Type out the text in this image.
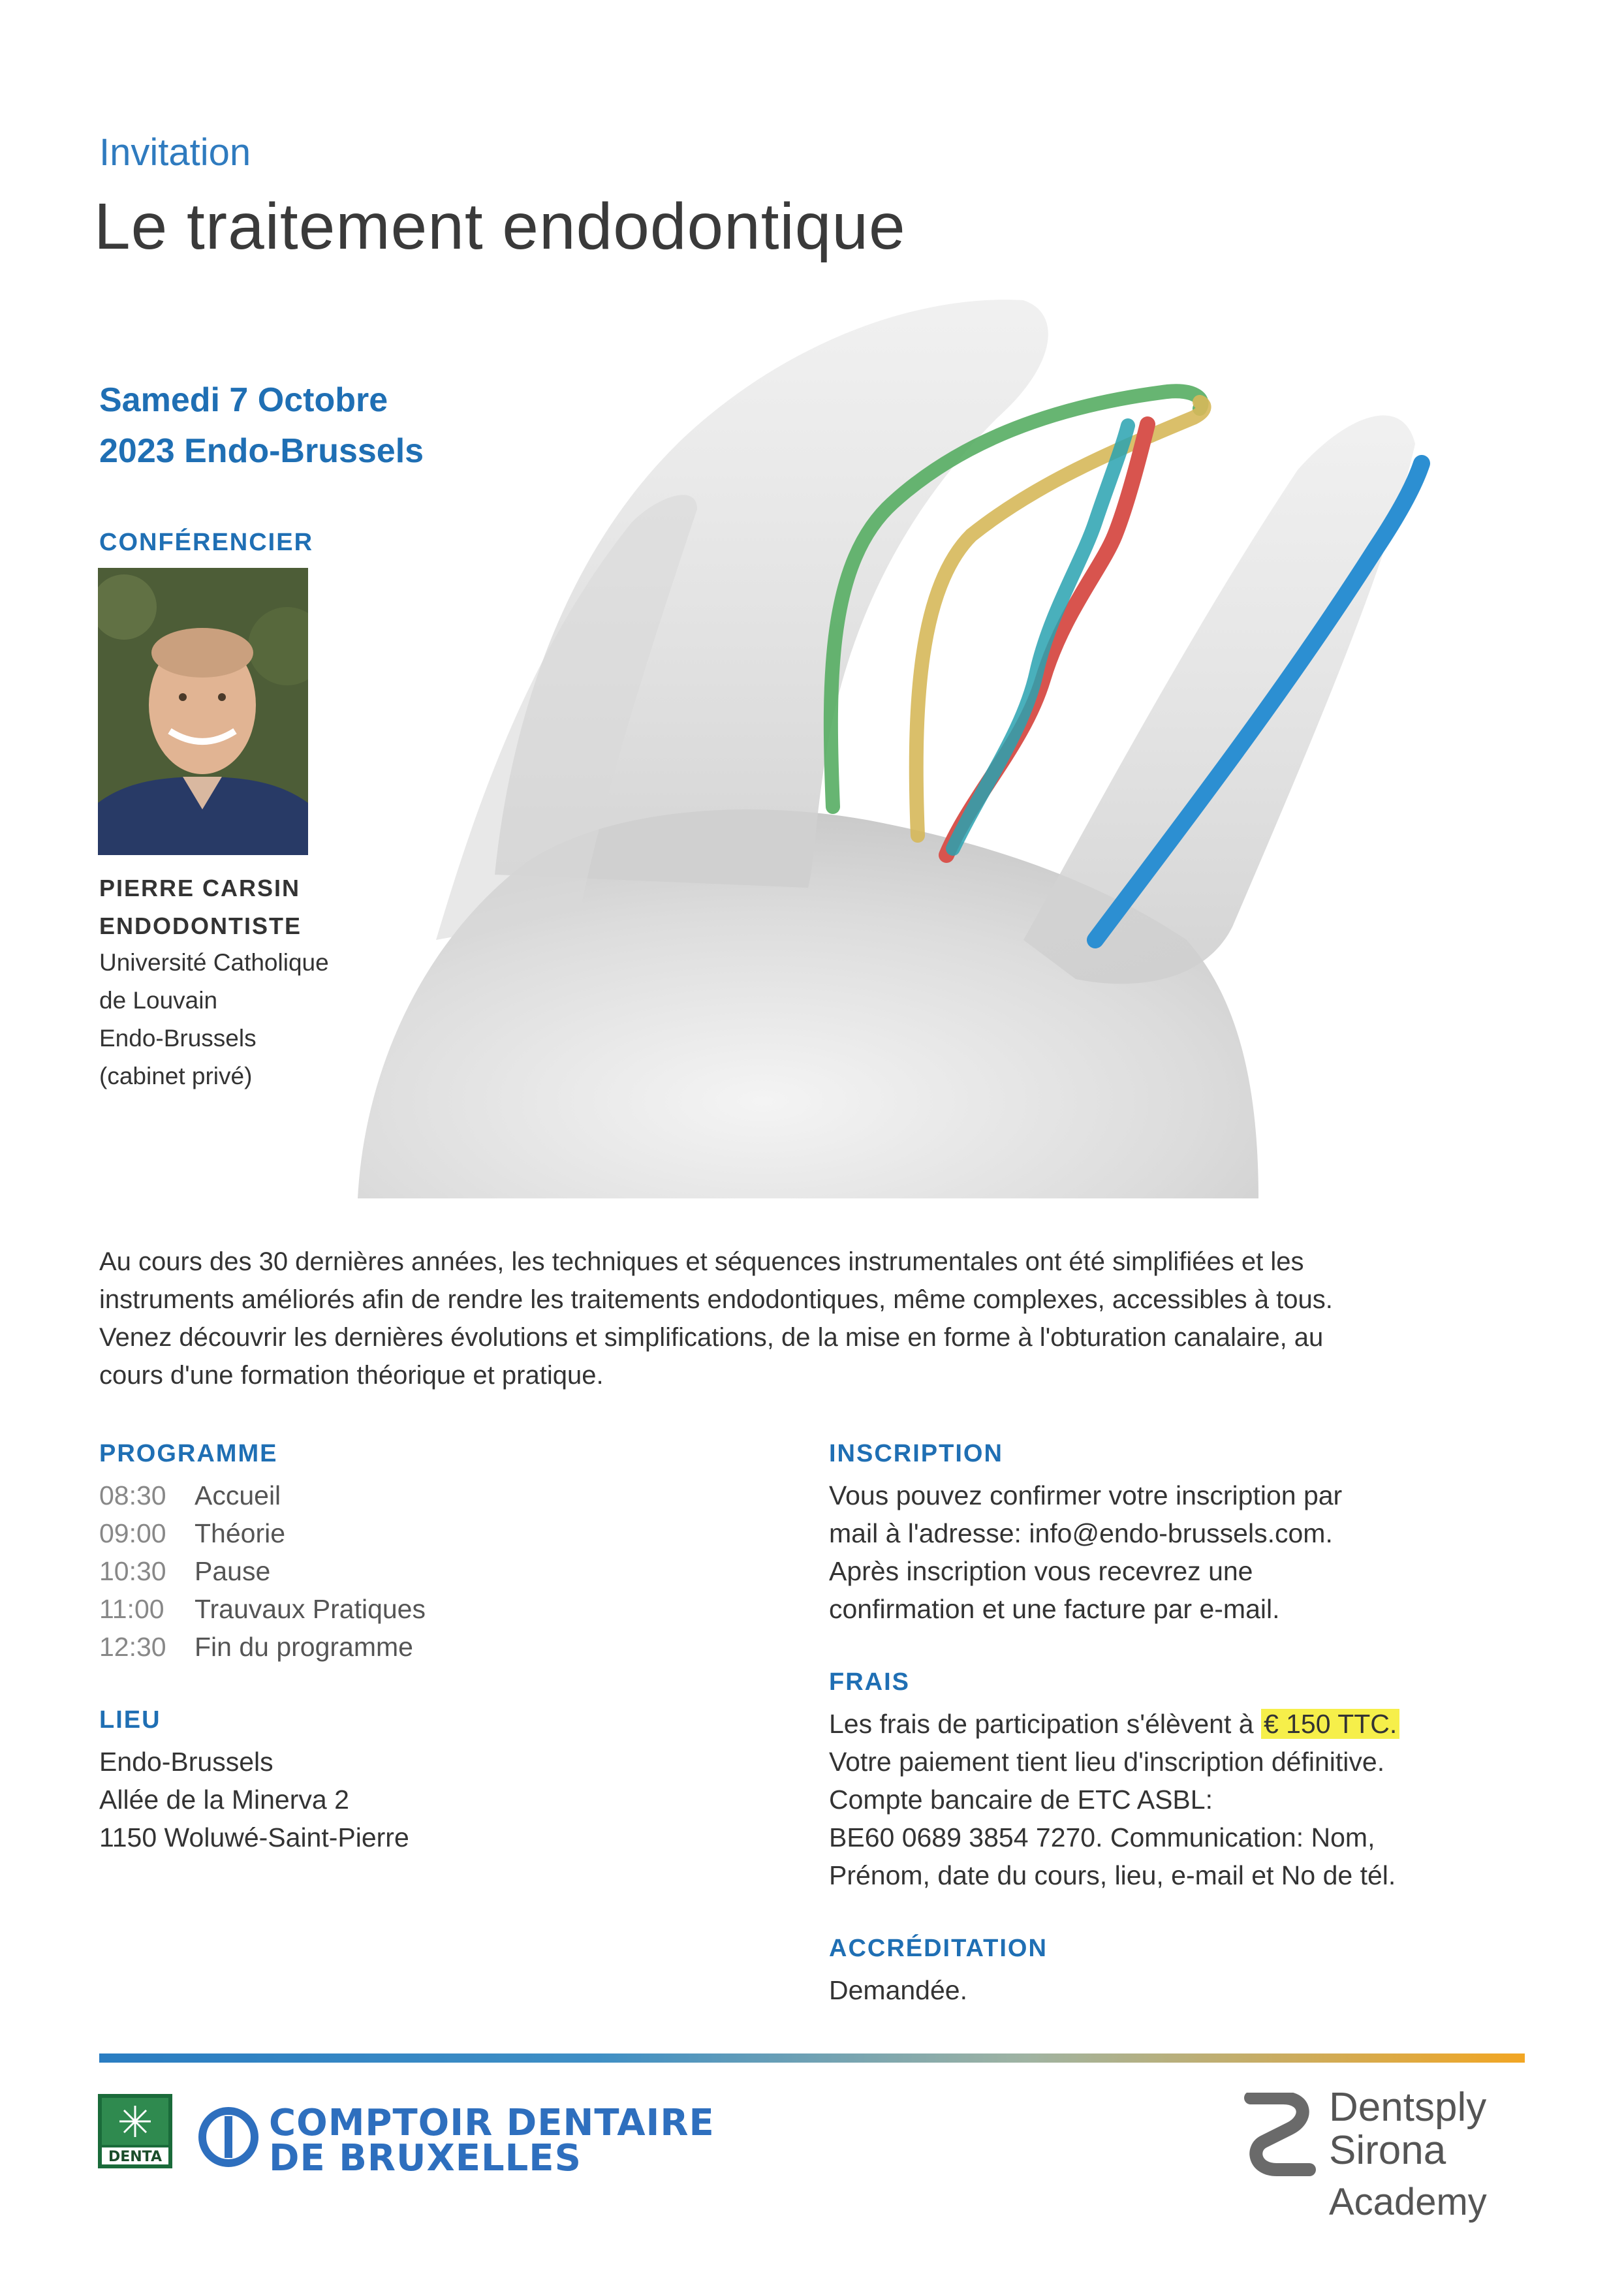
Invitation
Le traitement endodontique
Samedi 7 Octobre
2023 Endo-Brussels
CONFÉRENCIER
PIERRE CARSIN
ENDODONTISTE
Université Catholique
de Louvain
Endo-Brussels
(cabinet privé)
Au cours des 30 dernières années, les techniques et séquences instrumentales ont été simplifiées et les
instruments améliorés afin de rendre les traitements endodontiques, même complexes, accessibles à tous.
Venez découvrir les dernières évolutions et simplifications, de la mise en forme à l'obturation canalaire, au
cours d'une formation théorique et pratique.
PROGRAMME
08:30 Accueil
09:00 Théorie
10:30 Pause
11:00 Trauvaux Pratiques
12:30 Fin du programme
LIEU
Endo-Brussels
Allée de la Minerva 2
1150 Woluwé-Saint-Pierre
INSCRIPTION
Vous pouvez confirmer votre inscription par
mail à l'adresse: info@endo-brussels.com.
Après inscription vous recevrez une
confirmation et une facture par e-mail.
FRAIS
Les frais de participation s'élèvent à € 150 TTC.
Votre paiement tient lieu d'inscription définitive.
Compte bancaire de ETC ASBL:
BE60 0689 3854 7270. Communication: Nom,
Prénom, date du cours, lieu, e-mail et No de tél.
ACCRÉDITATION
Demandée.
DENTA
COMPTOIR DENTAIRE
DE BRUXELLES
Dentsply
Sirona
Academy
